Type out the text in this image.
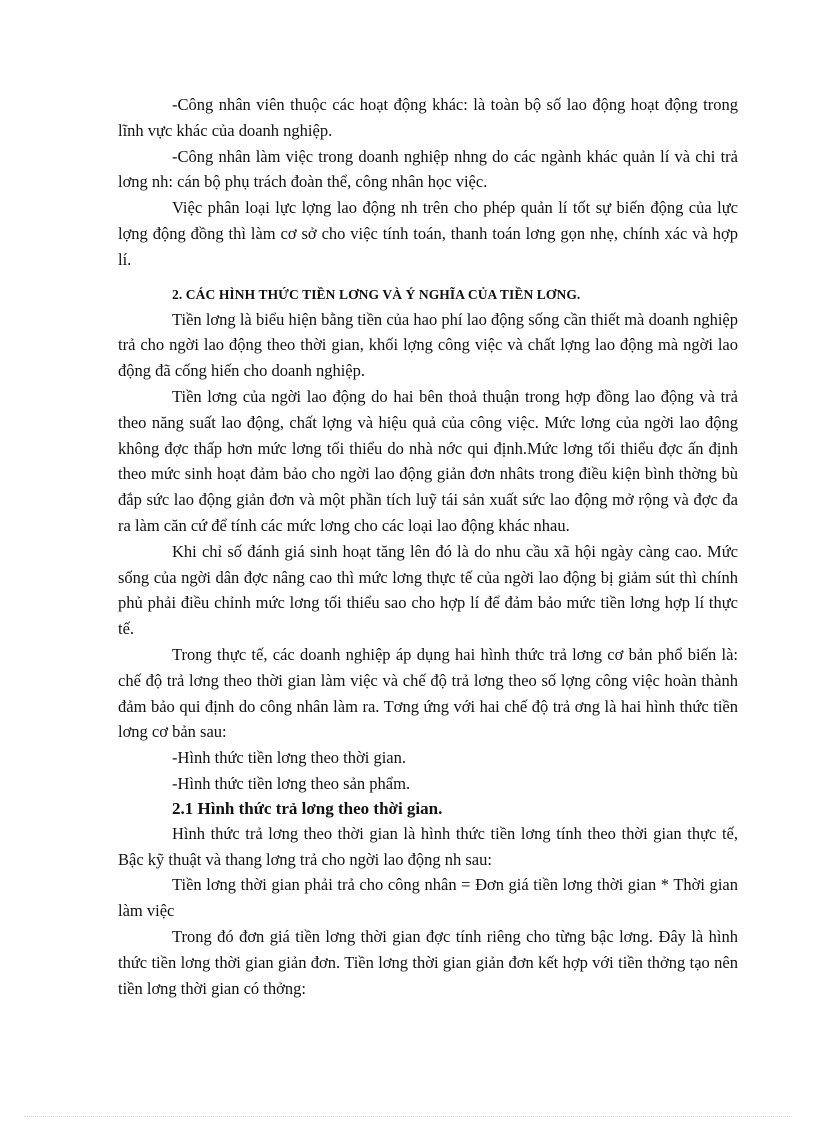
-Công nhân viên thuộc các hoạt động khác: là toàn bộ số lao động hoạt động trong lĩnh vực khác của doanh nghiệp.

-Công nhân làm việc trong doanh nghiệp nhng do các ngành khác quản lí và chi trả lơng nh: cán bộ phụ trách đoàn thể, công nhân học việc.

Việc phân loại lực lợng lao động nh trên cho phép quản lí tốt sự biến động của lực lợng động đồng thì làm cơ sở cho việc tính toán, thanh toán lơng gọn nhẹ, chính xác và hợp lí.

2. CÁC HÌNH THỨC TIỀN LƠNG VÀ Ý NGHĨA CỦA TIỀN LƠNG.

Tiền lơng là biểu hiện bằng tiền của hao phí lao động sống cần thiết mà doanh nghiệp trả cho ngời lao động theo thời gian, khối lợng công việc và chất lợng lao động mà ngời lao động đã cống hiến cho doanh nghiệp.

Tiền lơng của ngời lao động do hai bên thoả thuận trong hợp đồng lao động và trả theo năng suất lao động, chất lợng và hiệu quả của công việc. Mức lơng của ngời lao động không đợc thấp hơn mức lơng tối thiểu do nhà nớc qui định.Mức lơng tối thiểu đợc ấn định theo mức sinh hoạt đảm bảo cho ngời lao động giản đơn nhâts trong điều kiện bình thờng bù đắp sức lao động giản đơn và một phần tích luỹ tái sản xuất sức lao động mở rộng và đợc đa ra làm căn cứ để tính các mức lơng cho các loại lao động khác nhau.

Khi chỉ số đánh giá sinh hoạt tăng lên đó là do nhu cầu xã hội ngày càng cao. Mức sống của ngời dân đợc nâng cao thì mức lơng thực tế của ngời lao động bị giảm sút thì chính phủ phải điều chỉnh mức lơng tối thiểu sao cho hợp lí để đảm bảo mức tiền lơng hợp lí thực tế.

Trong thực tế, các doanh nghiệp áp dụng hai hình thức trả lơng cơ bản phổ biến là: chế độ trả lơng theo thời gian làm việc và chế độ trả lơng theo số lợng công việc hoàn thành đảm bảo qui định do công nhân làm ra. Tơng ứng với hai chế độ trả ơng là hai hình thức tiền lơng cơ bản sau:

-Hình thức tiền lơng theo thời gian.

-Hình thức tiền lơng theo sản phẩm.

2.1 Hình thức trả lơng theo thời gian.

Hình thức trả lơng theo thời gian là hình thức tiền lơng tính theo thời gian thực tế, Bậc kỹ thuật và thang lơng trả cho ngời lao động nh sau:

Tiền lơng thời gian phải trả cho công nhân = Đơn giá tiền lơng thời gian * Thời gian làm việc

Trong đó đơn giá tiền lơng thời gian đợc tính riêng cho từng bậc lơng. Đây là hình thức tiền lơng thời gian giản đơn. Tiền lơng thời gian giản đơn kết hợp với tiền thởng tạo nên tiền lơng thời gian có thởng:
